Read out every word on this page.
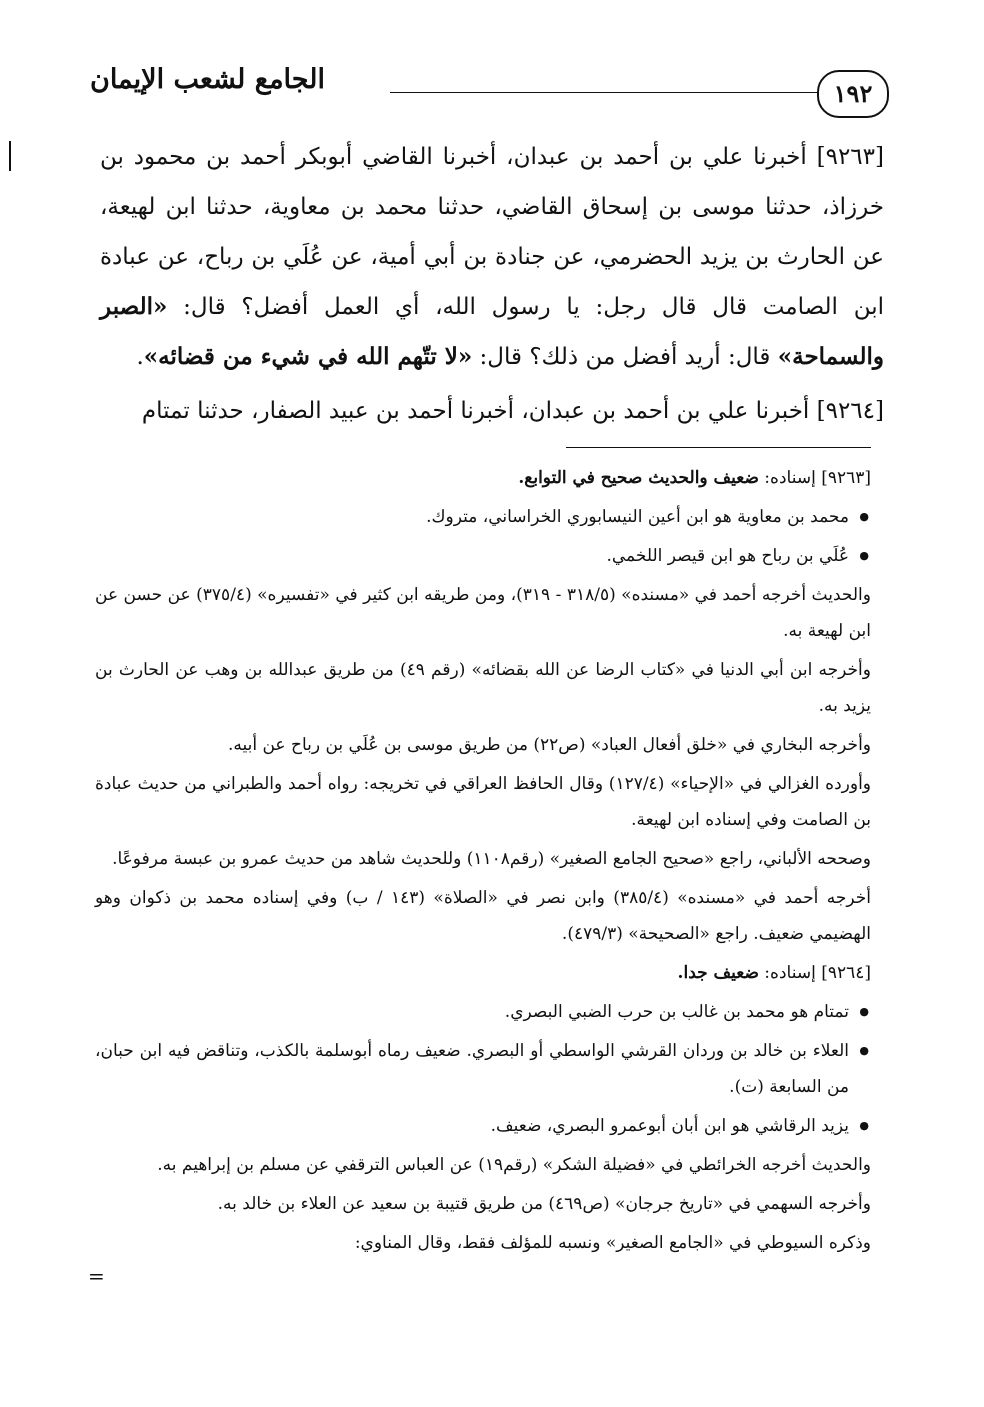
الجامع لشعب الإيمان	١٩٢

[٩٢٦٣] أخبرنا علي بن أحمد بن عبدان، أخبرنا القاضي أبوبكر أحمد بن محمود بن خرزاذ، حدثنا موسى بن إسحاق القاضي، حدثنا محمد بن معاوية، حدثنا ابن لهيعة، عن الحارث بن يزيد الحضرمي، عن جنادة بن أبي أمية، عن عُلَي بن رباح، عن عبادة ابن الصامت قال قال رجل: يا رسول الله، أي العمل أفضل؟ قال: «الصبر والسماحة» قال: أريد أفضل من ذلك؟ قال: «لا تتّهم الله في شيء من قضائه».

[٩٢٦٤] أخبرنا علي بن أحمد بن عبدان، أخبرنا أحمد بن عبيد الصفار، حدثنا تمتام

[٩٢٦٣] إسناده: ضعيف والحديث صحيح في التوابع.

● محمد بن معاوية هو ابن أعين النيسابوري الخراساني، متروك.

● عُلَي بن رباح هو ابن قيصر اللخمي.

والحديث أخرجه أحمد في «مسنده» (٣١٨/٥ - ٣١٩)، ومن طريقه ابن كثير في «تفسيره» (٣٧٥/٤) عن حسن عن ابن لهيعة به.

وأخرجه ابن أبي الدنيا في «كتاب الرضا عن الله بقضائه» (رقم ٤٩) من طريق عبدالله بن وهب عن الحارث بن يزيد به.

وأخرجه البخاري في «خلق أفعال العباد» (ص٢٢) من طريق موسى بن عُلَي بن رباح عن أبيه.

وأورده الغزالي في «الإحياء» (١٢٧/٤) وقال الحافظ العراقي في تخريجه: رواه أحمد والطبراني من حديث عبادة بن الصامت وفي إسناده ابن لهيعة.

وصححه الألباني، راجع «صحيح الجامع الصغير» (رقم١١٠٨) وللحديث شاهد من حديث عمرو بن عبسة مرفوعًا.

أخرجه أحمد في «مسنده» (٣٨٥/٤) وابن نصر في «الصلاة» (١٤٣ / ب) وفي إسناده محمد بن ذكوان وهو الهضيمي ضعيف. راجع «الصحيحة» (٤٧٩/٣).

[٩٢٦٤] إسناده: ضعيف جدا.

● تمتام هو محمد بن غالب بن حرب الضبي البصري.

● العلاء بن خالد بن وردان القرشي الواسطي أو البصري. ضعيف رماه أبوسلمة بالكذب، وتناقض فيه ابن حبان، من السابعة (ت).

● يزيد الرقاشي هو ابن أبان أبوعمرو البصري، ضعيف.

والحديث أخرجه الخرائطي في «فضيلة الشكر» (رقم١٩) عن العباس الترقفي عن مسلم بن إبراهيم به.

وأخرجه السهمي في «تاريخ جرجان» (ص٤٦٩) من طريق قتيبة بن سعيد عن العلاء بن خالد به.

وذكره السيوطي في «الجامع الصغير» ونسبه للمؤلف فقط، وقال المناوي:

=
